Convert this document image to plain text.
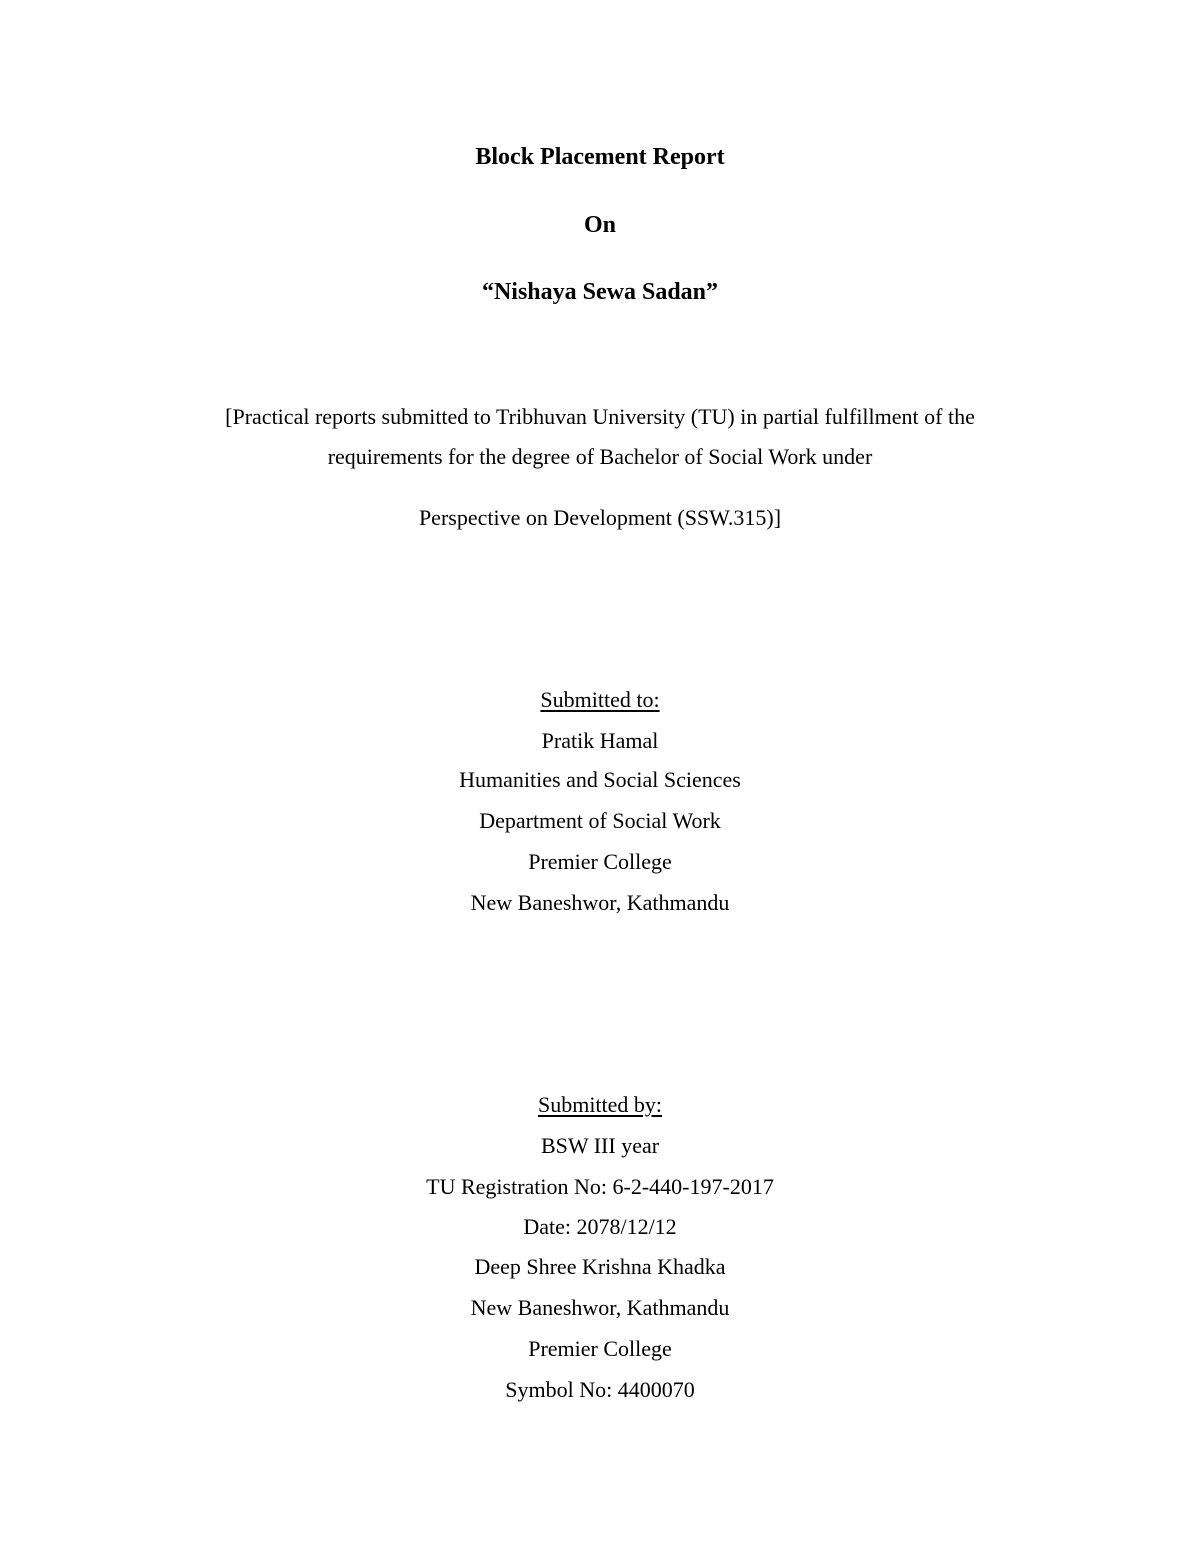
Block Placement Report
On
“Nishaya Sewa Sadan”
[Practical reports submitted to Tribhuvan University (TU) in partial fulfillment of the
requirements for the degree of Bachelor of Social Work under
Perspective on Development (SSW.315)]
Submitted to:
Pratik Hamal
Humanities and Social Sciences
Department of Social Work
Premier College
New Baneshwor, Kathmandu
Submitted by:
BSW III year
TU Registration No: 6-2-440-197-2017
Date: 2078/12/12
Deep Shree Krishna Khadka
New Baneshwor, Kathmandu
Premier College
Symbol No: 4400070
